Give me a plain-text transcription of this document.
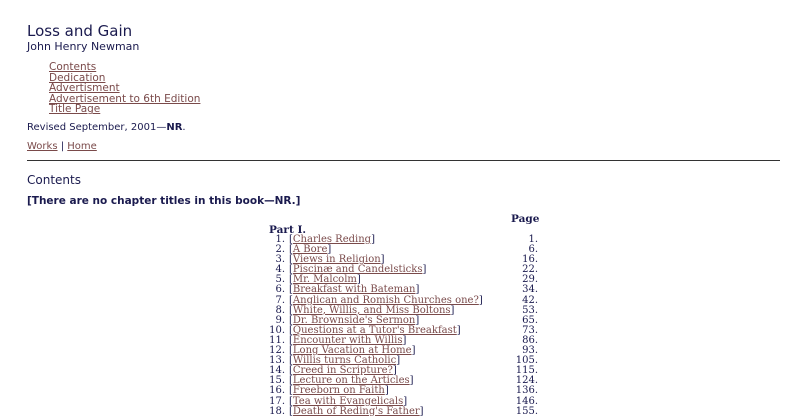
Loss and Gain
John Henry Newman
Contents
Dedication
Advertisment
Advertisement to 6th Edition
Title Page
Revised September, 2001—NR.
Works | Home
Contents
[There are no chapter titles in this book—NR.]
Page
Part I.
1. [Charles Reding]	1.
2. [A Bore]	6.
3. [Views in Religion]	16.
4. [Piscinæ and Candelsticks]	22.
5. [Mr. Malcolm]	29.
6. [Breakfast with Bateman]	34.
7. [Anglican and Romish Churches one?]	42.
8. [White, Willis, and Miss Boltons]	53.
9. [Dr. Brownside's Sermon]	65.
10. [Questions at a Tutor's Breakfast]	73.
11. [Encounter with Willis]	86.
12. [Long Vacation at Home]	93.
13. [Willis turns Catholic]	105.
14. [Creed in Scripture?]	115.
15. [Lecture on the Articles]	124.
16. [Freeborn on Faith]	136.
17. [Tea with Evangelicals]	146.
18. [Death of Reding's Father]	155.
